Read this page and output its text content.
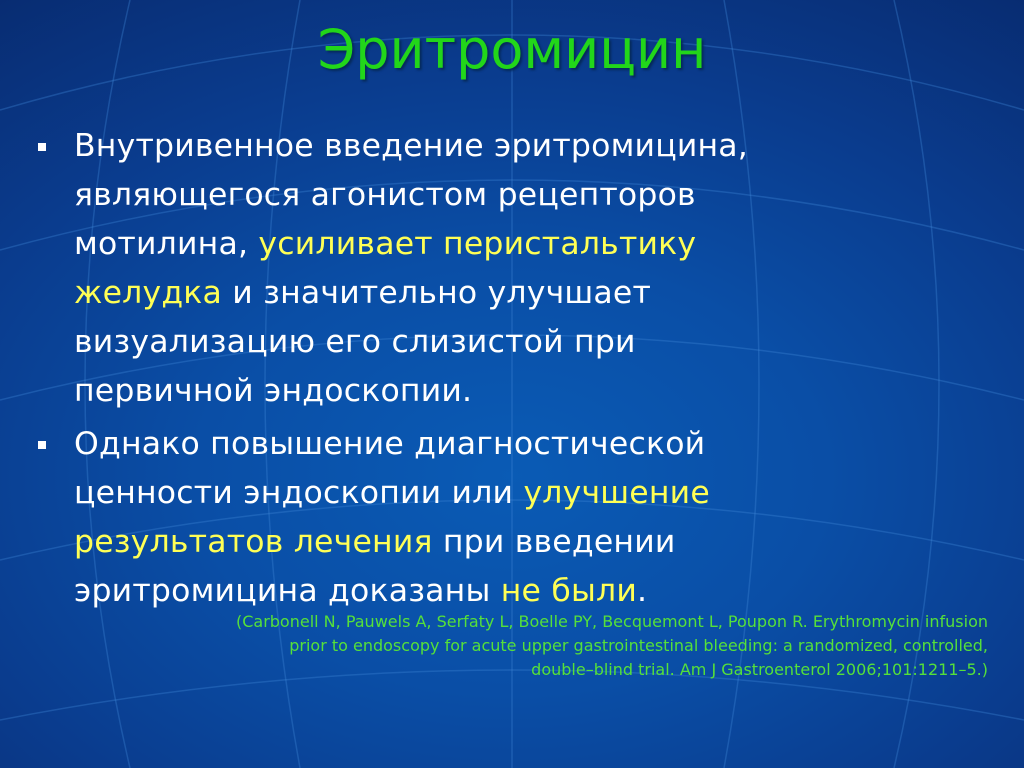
Эритромицин
Внутривенное введение эритромицина,
являющегося агонистом рецепторов
мотилина, усиливает перистальтику
желудка и значительно улучшает
визуализацию его слизистой при
первичной эндоскопии.
Однако повышение диагностической
ценности эндоскопии или улучшение
результатов лечения при введении
эритромицина доказаны не были.

(Carbonell N, Pauwels A, Serfaty L, Boelle PY, Becquemont L, Poupon R. Erythromycin infusion
prior to endoscopy for acute upper gastrointestinal bleeding: a randomized, controlled,
double–blind trial. Am J Gastroenterol 2006;101:1211–5.)
